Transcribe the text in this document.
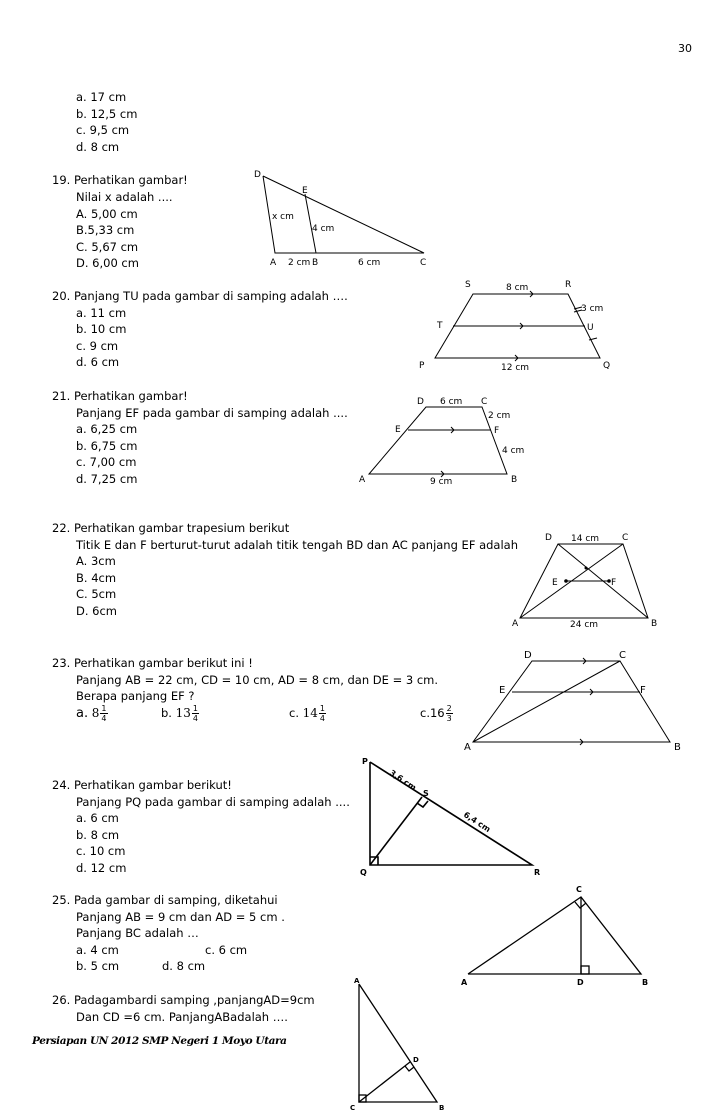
30
a. 17 cm
b. 12,5 cm
c. 9,5 cm
d. 8 cm
19. Perhatikan gambar!
Nilai x adalah ....
A. 5,00 cm
B.5,33 cm
C. 5,67 cm
D. 6,00 cm
D
E
A	B	C
x cm
4 cm
2 cm	6 cm
20. Panjang TU pada gambar di samping adalah ….
a. 11 cm
b. 10 cm
c. 9 cm
d. 6 cm
S	R
T	U
P	Q
8 cm
3 cm
12 cm
21. Perhatikan gambar!
Panjang EF pada gambar di samping adalah ....
a. 6,25 cm
b. 6,75 cm
c. 7,00 cm
d. 7,25 cm
D	C
E	F
A	B
6 cm
2 cm
4 cm
9 cm
22. Perhatikan gambar trapesium berikut
Titik E dan F berturut-turut adalah titik tengah BD dan AC panjang EF adalah
A. 3cm
B. 4cm
C. 5cm
D. 6cm
D	C
E	F
A	B
14 cm
24 cm
23. Perhatikan gambar berikut ini !
Panjang AB = 22 cm, CD = 10 cm, AD = 8 cm, dan DE = 3 cm.
Berapa panjang EF ?
a. $8 \frac{1}{4}$	b. $13 \frac{1}{4}$	c. $14 \frac{1}{4}$	$c.16 \frac{2}{3}$
D	C
E	F
A	B
24. Perhatikan gambar berikut!
Panjang PQ pada gambar di samping adalah ....
a. 6 cm
b. 8 cm
c. 10 cm
d. 12 cm
P
S
Q	R
3,6 cm
6,4 cm
25. Pada gambar di samping, diketahui
Panjang AB = 9 cm dan AD = 5 cm .
Panjang BC adalah …
a. 4 cm	c. 6 cm
b. 5 cm	d. 8 cm
C
A	D	B
26. Padagambardi samping ,panjangAD=9cm
Dan CD =6 cm. PanjangABadalah ….
A
D
C	B
Persiapan UN 2012 SMP Negeri 1 Moyo Utara
